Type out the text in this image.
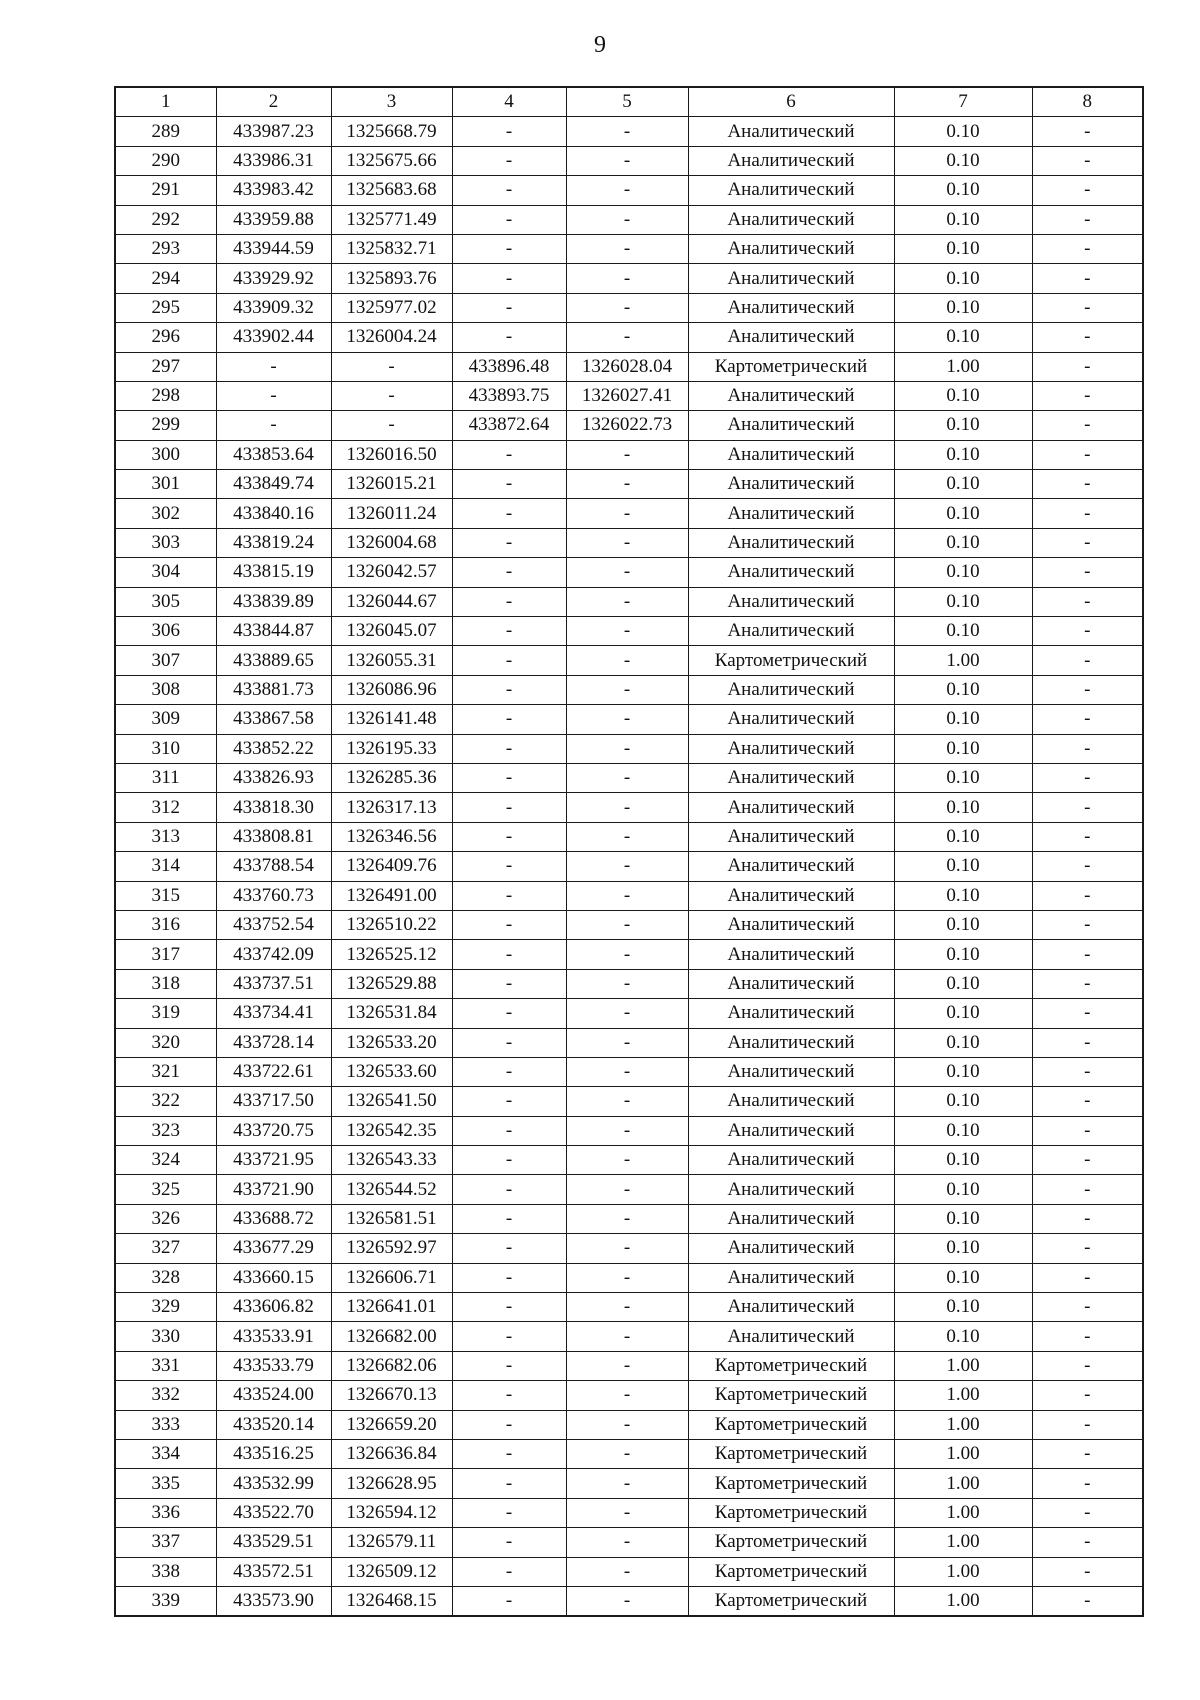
9
1	2	3	4	5	6	7	8
289	433987.23	1325668.79	-	-	Аналитический	0.10	-
290	433986.31	1325675.66	-	-	Аналитический	0.10	-
291	433983.42	1325683.68	-	-	Аналитический	0.10	-
292	433959.88	1325771.49	-	-	Аналитический	0.10	-
293	433944.59	1325832.71	-	-	Аналитический	0.10	-
294	433929.92	1325893.76	-	-	Аналитический	0.10	-
295	433909.32	1325977.02	-	-	Аналитический	0.10	-
296	433902.44	1326004.24	-	-	Аналитический	0.10	-
297	-	-	433896.48	1326028.04	Картометрический	1.00	-
298	-	-	433893.75	1326027.41	Аналитический	0.10	-
299	-	-	433872.64	1326022.73	Аналитический	0.10	-
300	433853.64	1326016.50	-	-	Аналитический	0.10	-
301	433849.74	1326015.21	-	-	Аналитический	0.10	-
302	433840.16	1326011.24	-	-	Аналитический	0.10	-
303	433819.24	1326004.68	-	-	Аналитический	0.10	-
304	433815.19	1326042.57	-	-	Аналитический	0.10	-
305	433839.89	1326044.67	-	-	Аналитический	0.10	-
306	433844.87	1326045.07	-	-	Аналитический	0.10	-
307	433889.65	1326055.31	-	-	Картометрический	1.00	-
308	433881.73	1326086.96	-	-	Аналитический	0.10	-
309	433867.58	1326141.48	-	-	Аналитический	0.10	-
310	433852.22	1326195.33	-	-	Аналитический	0.10	-
311	433826.93	1326285.36	-	-	Аналитический	0.10	-
312	433818.30	1326317.13	-	-	Аналитический	0.10	-
313	433808.81	1326346.56	-	-	Аналитический	0.10	-
314	433788.54	1326409.76	-	-	Аналитический	0.10	-
315	433760.73	1326491.00	-	-	Аналитический	0.10	-
316	433752.54	1326510.22	-	-	Аналитический	0.10	-
317	433742.09	1326525.12	-	-	Аналитический	0.10	-
318	433737.51	1326529.88	-	-	Аналитический	0.10	-
319	433734.41	1326531.84	-	-	Аналитический	0.10	-
320	433728.14	1326533.20	-	-	Аналитический	0.10	-
321	433722.61	1326533.60	-	-	Аналитический	0.10	-
322	433717.50	1326541.50	-	-	Аналитический	0.10	-
323	433720.75	1326542.35	-	-	Аналитический	0.10	-
324	433721.95	1326543.33	-	-	Аналитический	0.10	-
325	433721.90	1326544.52	-	-	Аналитический	0.10	-
326	433688.72	1326581.51	-	-	Аналитический	0.10	-
327	433677.29	1326592.97	-	-	Аналитический	0.10	-
328	433660.15	1326606.71	-	-	Аналитический	0.10	-
329	433606.82	1326641.01	-	-	Аналитический	0.10	-
330	433533.91	1326682.00	-	-	Аналитический	0.10	-
331	433533.79	1326682.06	-	-	Картометрический	1.00	-
332	433524.00	1326670.13	-	-	Картометрический	1.00	-
333	433520.14	1326659.20	-	-	Картометрический	1.00	-
334	433516.25	1326636.84	-	-	Картометрический	1.00	-
335	433532.99	1326628.95	-	-	Картометрический	1.00	-
336	433522.70	1326594.12	-	-	Картометрический	1.00	-
337	433529.51	1326579.11	-	-	Картометрический	1.00	-
338	433572.51	1326509.12	-	-	Картометрический	1.00	-
339	433573.90	1326468.15	-	-	Картометрический	1.00	-
